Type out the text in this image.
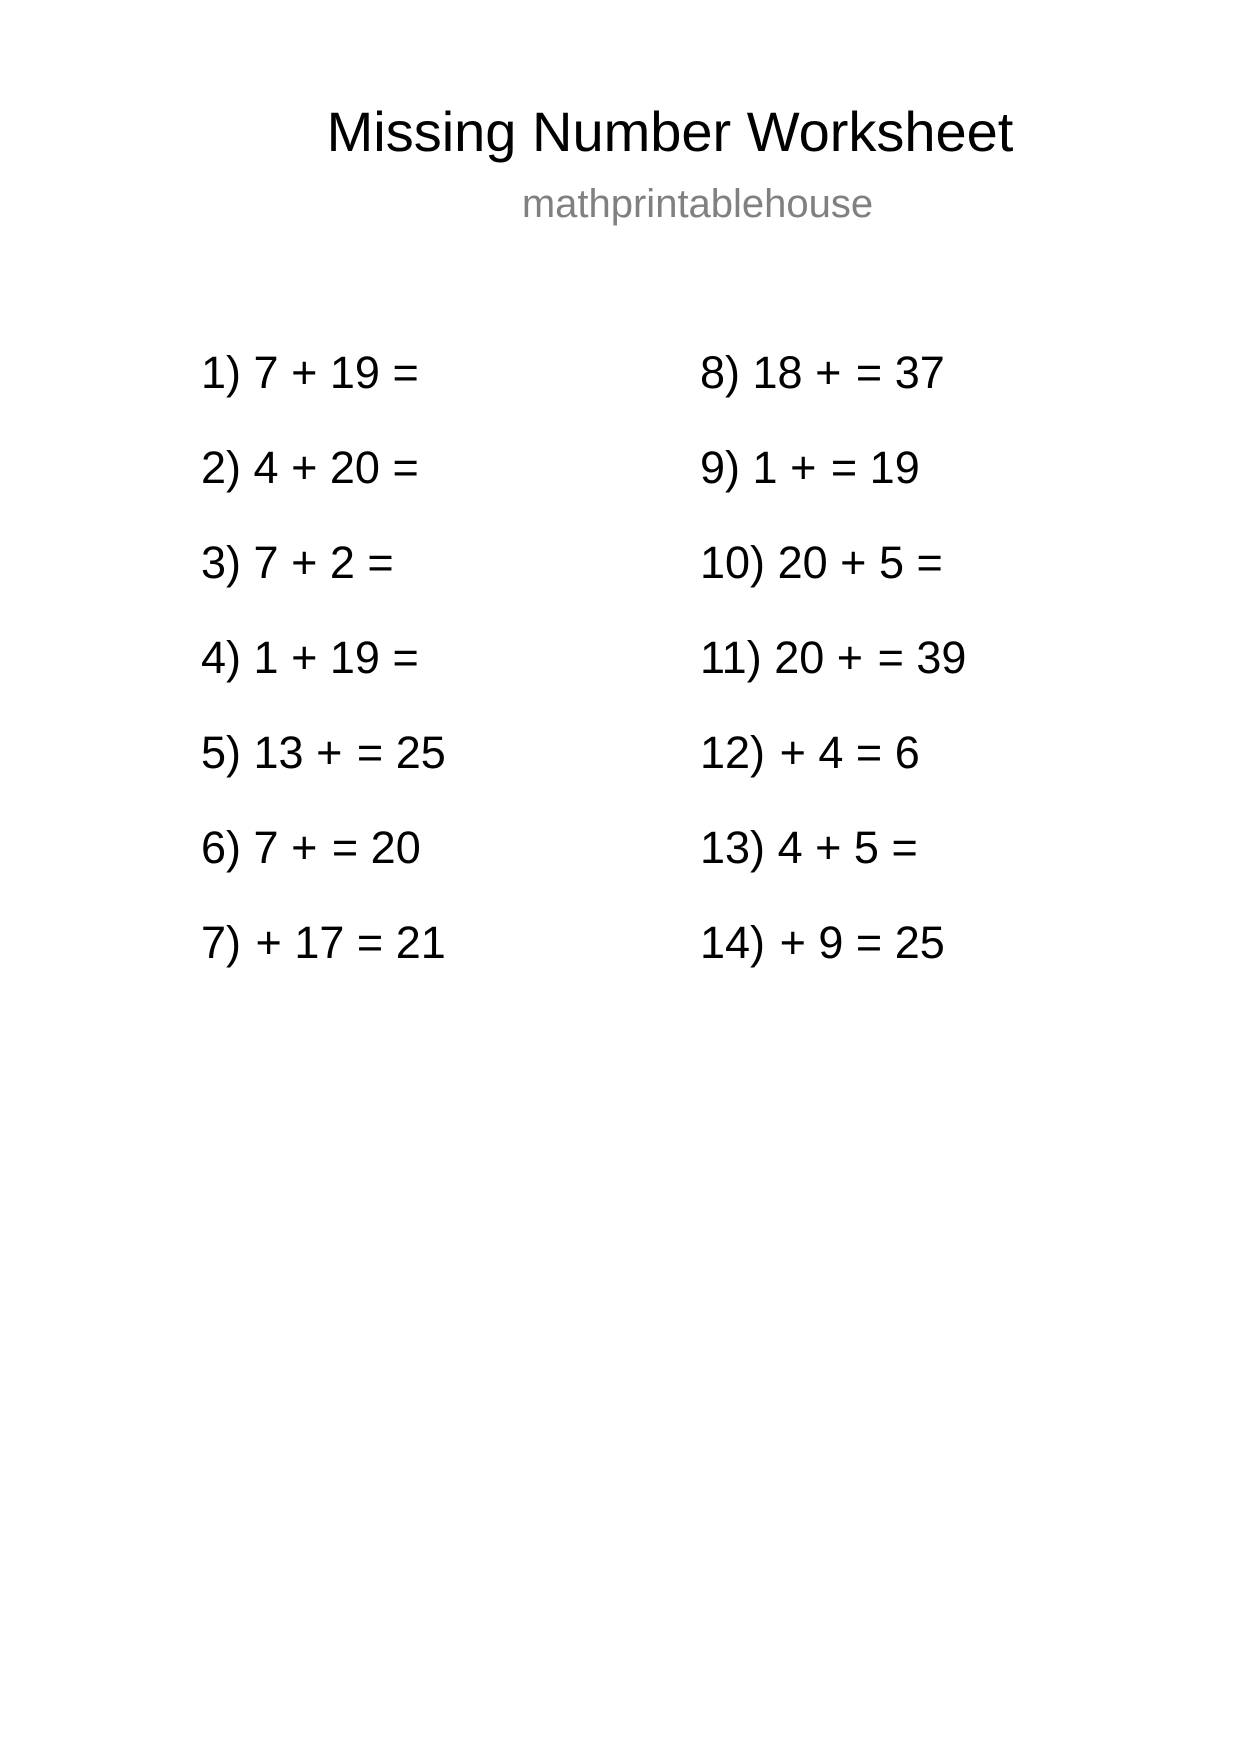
Missing Number Worksheet
mathprintablehouse
1) 7 + 19 =
2) 4 + 20 =
3) 7 + 2 =
4) 1 + 19 =
5) 13 + = 25
6) 7 + = 20
7) + 17 = 21
8) 18 + = 37
9) 1 + = 19
10) 20 + 5 =
11) 20 + = 39
12) + 4 = 6
13) 4 + 5 =
14) + 9 = 25
